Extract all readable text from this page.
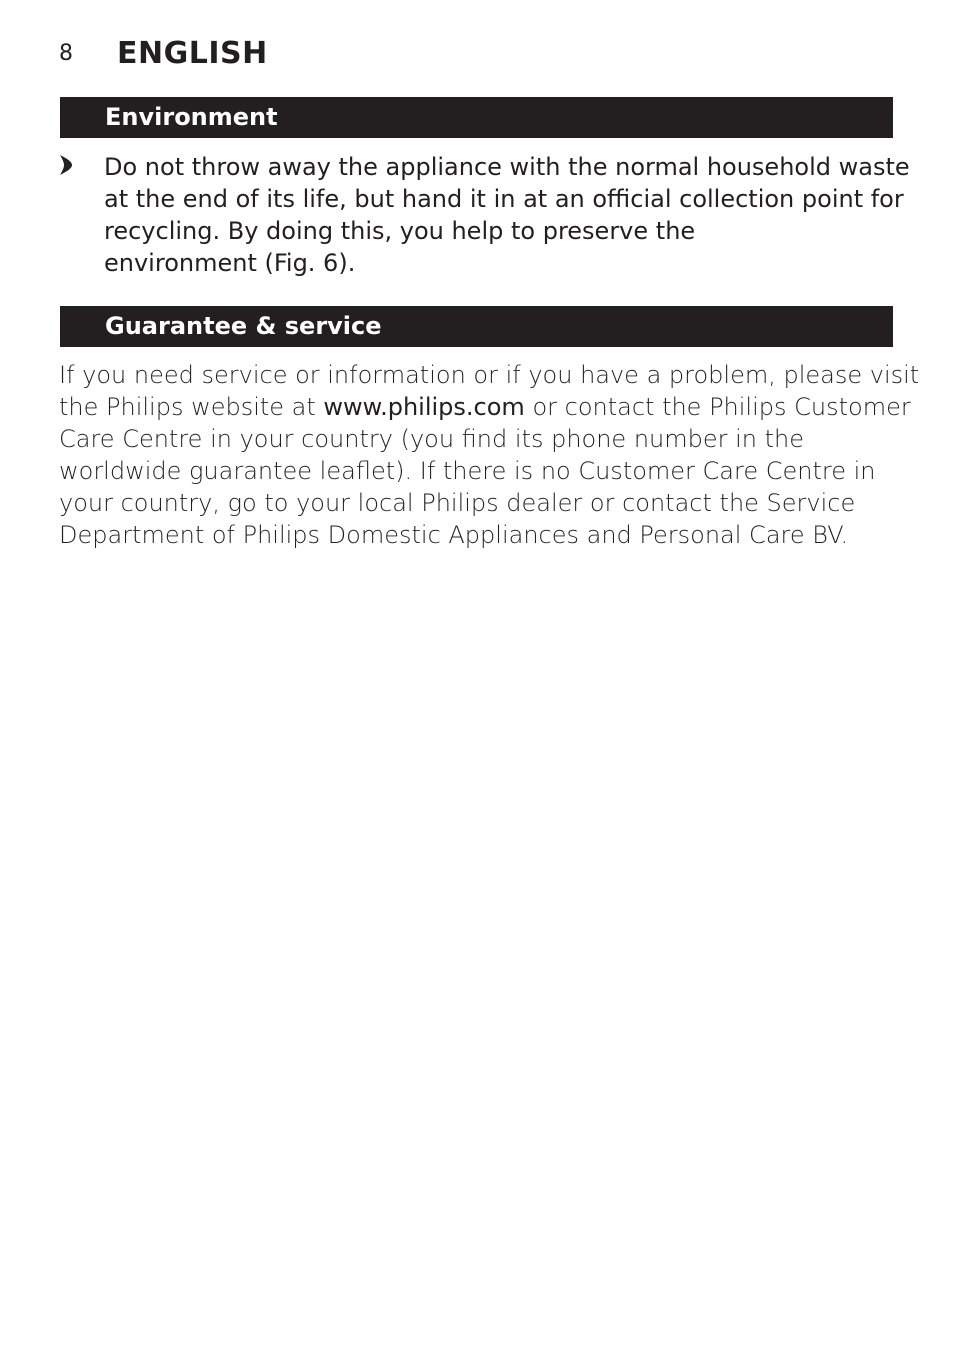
8	ENGLISH
Environment
Do not throw away the appliance with the normal household waste
at the end of its life, but hand it in at an official collection point for
recycling. By doing this, you help to preserve the
environment (Fig. 6).
Guarantee & service
If you need service or information or if you have a problem, please visit
the Philips website at www.philips.com or contact the Philips Customer
Care Centre in your country (you find its phone number in the
worldwide guarantee leaflet). If there is no Customer Care Centre in
your country, go to your local Philips dealer or contact the Service
Department of Philips Domestic Appliances and Personal Care BV.
